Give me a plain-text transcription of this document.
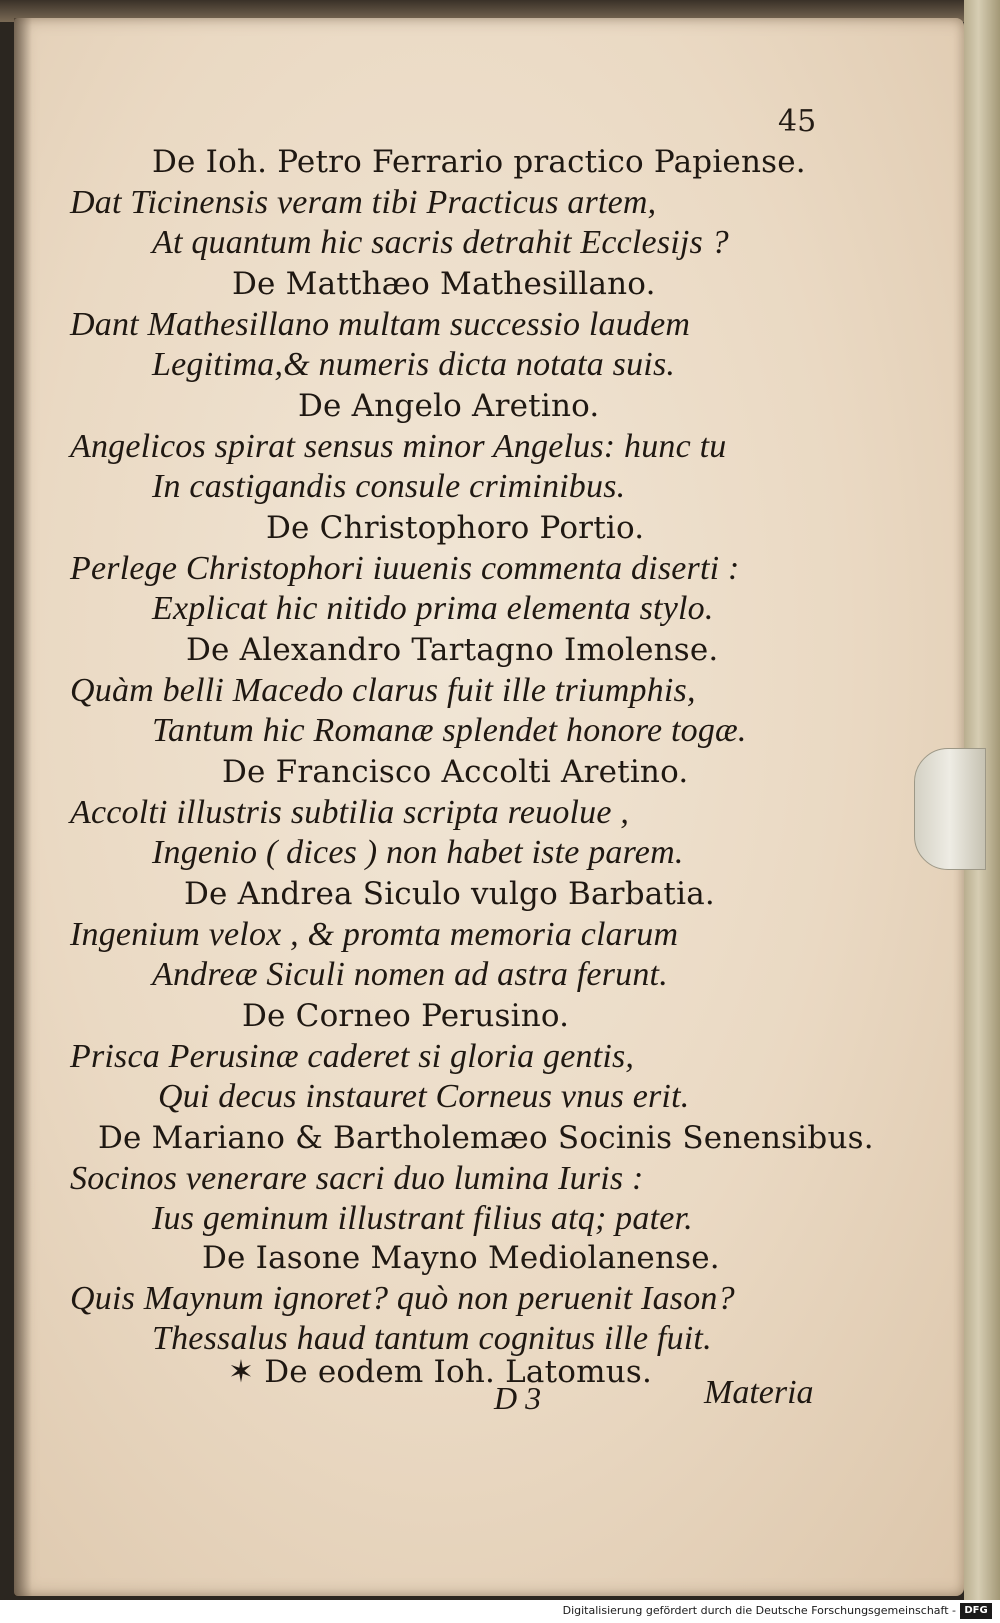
45
De Ioh. Petro Ferrario practico Papiense.
Dat Ticinensis veram tibi Practicus artem,
At quantum hic sacris detrahit Ecclesijs ?
De Matthæo Mathesillano.
Dant Mathesillano multam successio laudem
Legitima,& numeris dicta notata suis.
De Angelo Aretino.
Angelicos spirat sensus minor Angelus: hunc tu
In castigandis consule criminibus.
De Christophoro Portio.
Perlege Christophori iuuenis commenta diserti :
Explicat hic nitido prima elementa stylo.
De Alexandro Tartagno Imolense.
Quàm belli Macedo clarus fuit ille triumphis,
Tantum hic Romanæ splendet honore togæ.
De Francisco Accolti Aretino.
Accolti illustris subtilia scripta reuolue ,
Ingenio ( dices ) non habet iste parem.
De Andrea Siculo vulgo Barbatia.
Ingenium velox , & promta memoria clarum
Andreæ Siculi nomen ad astra ferunt.
De Corneo Perusino.
Prisca Perusinæ caderet si gloria gentis,
Qui decus instauret Corneus vnus erit.
De Mariano & Bartholemæo Socinis Senensibus.
Socinos venerare sacri duo lumina Iuris :
Ius geminum illustrant filius atq; pater.
De Iasone Mayno Mediolanense.
Quis Maynum ignoret? quò non peruenit Iason?
Thessalus haud tantum cognitus ille fuit.
✶ De eodem Ioh. Latomus.
D 3	Materia
Digitalisierung gefördert durch die Deutsche Forschungsgemeinschaft - DFG
